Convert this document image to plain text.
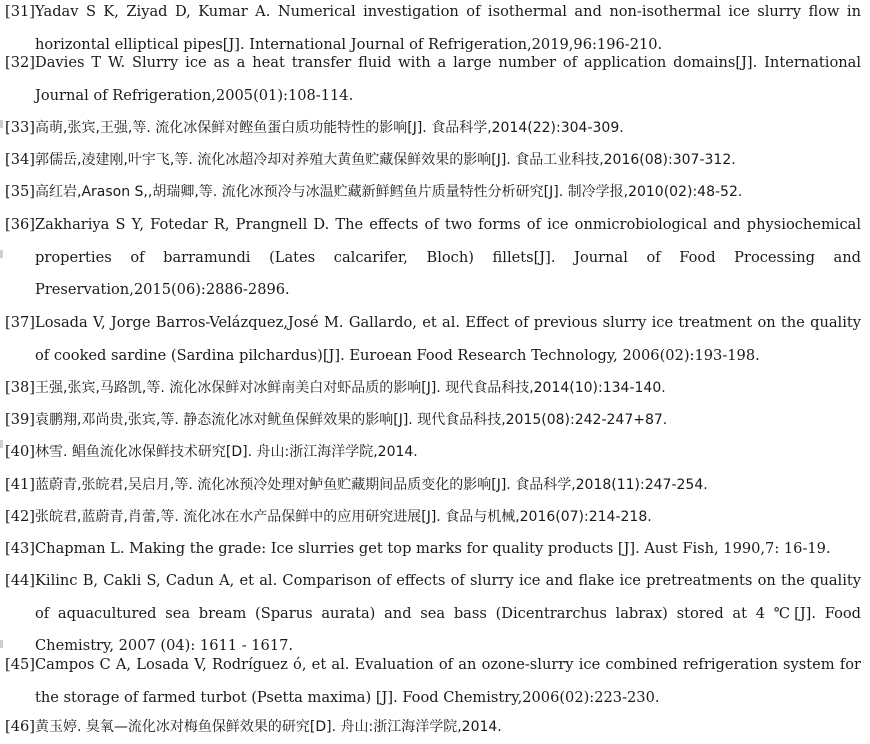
[31] Yadav S K, Ziyad D, Kumar A. Numerical investigation of isothermal and non-isothermal ice slurry flow in horizontal elliptical pipes[J]. International Journal of Refrigeration,2019,96:196-210.
[32] Davies T W. Slurry ice as a heat transfer fluid with a large number of application domains[J]. International Journal of Refrigeration,2005(01):108-114.
[33] 高萌,张宾,王强,等. 流化冰保鲜对鲣鱼蛋白质功能特性的影响[J]. 食品科学,2014(22):304-309.
[34] 郭儒岳,凌建刚,叶宇飞,等. 流化冰超冷却对养殖大黄鱼贮藏保鲜效果的影响[J]. 食品工业科技,2016(08):307-312.
[35] 高红岩,Arason S,,胡瑞卿,等. 流化冰预冷与冰温贮藏新鲜鳕鱼片质量特性分析研究[J]. 制冷学报,2010(02):48-52.
[36] Zakhariya S Y, Fotedar R, Prangnell D. The effects of two forms of ice onmicrobiological and physiochemical properties of barramundi (Lates calcarifer, Bloch) fillets[J]. Journal of Food Processing and Preservation,2015(06):2886-2896.
[37] Losada V, Jorge Barros-Velázquez,José M. Gallardo, et al. Effect of previous slurry ice treatment on the quality of cooked sardine (Sardina pilchardus)[J]. Euroean Food Research Technology, 2006(02):193-198.
[38] 王强,张宾,马路凯,等. 流化冰保鲜对冰鲜南美白对虾品质的影响[J]. 现代食品科技,2014(10):134-140.
[39] 袁鹏翔,邓尚贵,张宾,等. 静态流化冰对鱿鱼保鲜效果的影响[J]. 现代食品科技,2015(08):242-247+87.
[40] 林雪. 鲳鱼流化冰保鲜技术研究[D]. 舟山:浙江海洋学院,2014.
[41] 蓝蔚青,张皖君,吴启月,等. 流化冰预冷处理对鲈鱼贮藏期间品质变化的影响[J]. 食品科学,2018(11):247-254.
[42] 张皖君,蓝蔚青,肖蕾,等. 流化冰在水产品保鲜中的应用研究进展[J]. 食品与机械,2016(07):214-218.
[43] Chapman L. Making the grade: Ice slurries get top marks for quality products [J]. Aust Fish, 1990,7: 16-19.
[44] Kilinc B, Cakli S, Cadun A, et al. Comparison of effects of slurry ice and flake ice pretreatments on the quality of aquacultured sea bream (Sparus aurata) and sea bass (Dicentrarchus labrax) stored at 4 ℃[J]. Food Chemistry, 2007 (04): 1611 - 1617.
[45] Campos C A, Losada V, Rodríguez ó, et al. Evaluation of an ozone-slurry ice combined refrigeration system for the storage of farmed turbot (Psetta maxima) [J]. Food Chemistry,2006(02):223-230.
[46] 黄玉婷. 臭氧—流化冰对梅鱼保鲜效果的研究[D]. 舟山:浙江海洋学院,2014.
